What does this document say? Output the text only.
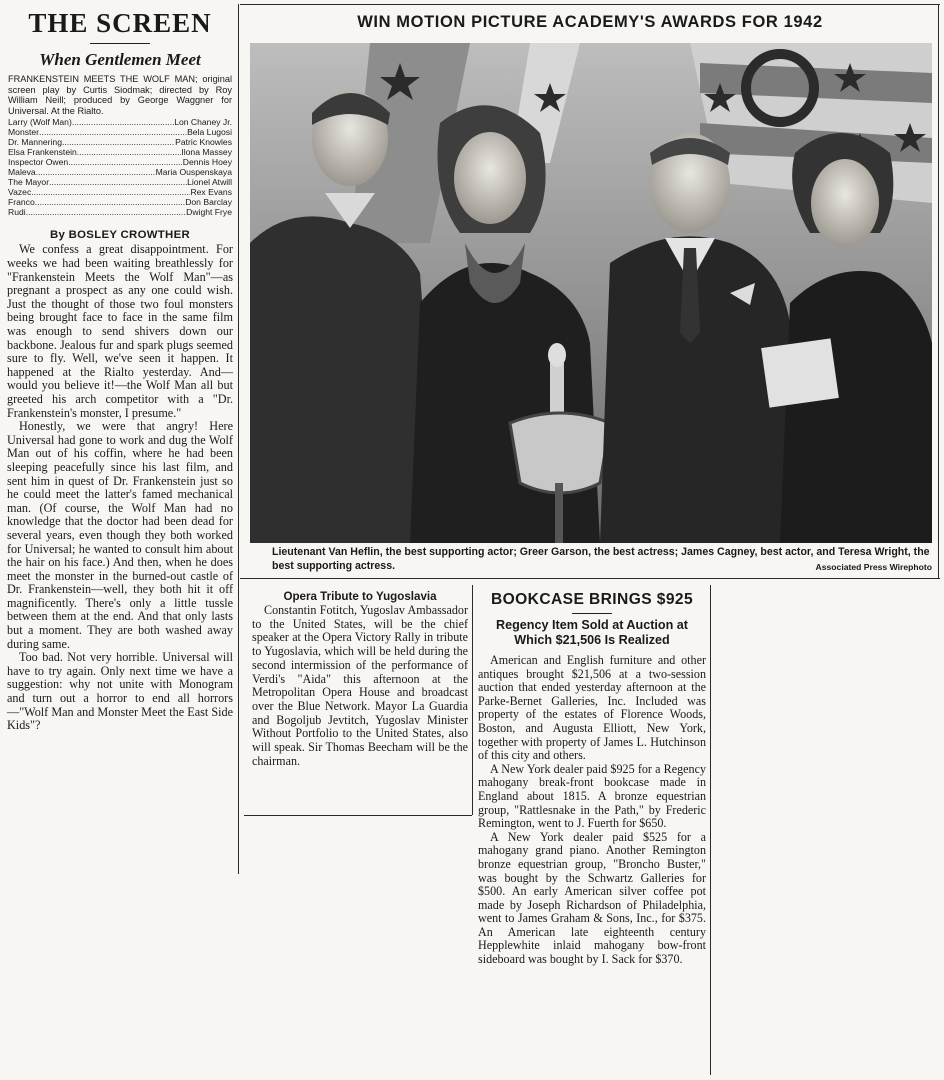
THE SCREEN
When Gentlemen Meet
FRANKENSTEIN MEETS THE WOLF MAN; original screen play by Curtis Siodmak; directed by Roy William Neill; produced by George Waggner for Universal. At the Rialto.
Larry (Wolf Man) .....	Lon Chaney Jr.
Monster .....	Bela Lugosi
Dr. Mannering .....	Patric Knowles
Elsa Frankenstein .....	Ilona Massey
Inspector Owen .....	Dennis Hoey
Maleva .....	Maria Ouspenskaya
The Mayor .....	Lionel Atwill
Vazec .....	Rex Evans
Franco .....	Don Barclay
Rudi .....	Dwight Frye
By BOSLEY CROWTHER

We confess a great disappointment. For weeks we had been waiting breathlessly for "Frankenstein Meets the Wolf Man"—as pregnant a prospect as any one could wish. Just the thought of those two foul monsters being brought face to face in the same film was enough to send shivers down our backbone. Jealous fur and spark plugs seemed sure to fly. Well, we've seen it happen. It happened at the Rialto yesterday. And—would you believe it!—the Wolf Man all but greeted his arch competitor with a "Dr. Frankenstein's monster, I presume."

Honestly, we were that angry! Here Universal had gone to work and dug the Wolf Man out of his coffin, where he had been sleeping peacefully since his last film, and sent him in quest of Dr. Frankenstein just so he could meet the latter's famed mechanical man. (Of course, the Wolf Man had no knowledge that the doctor had been dead for several years, even though they both worked for Universal; he wanted to consult him about the hair on his face.) And then, when he does meet the monster in the burned-out castle of Dr. Frankenstein—well, they both hit it off magnificently. There's only a little tussle between them at the end. And that only lasts but a moment. They are both washed away during same.

Too bad. Not very horrible. Universal will have to try again. Only next time we have a suggestion: why not unite with Monogram and turn out a horror to end all horrors—"Wolf Man and Monster Meet the East Side Kids"?

WIN MOTION PICTURE ACADEMY'S AWARDS FOR 1942
Lieutenant Van Heflin, the best supporting actor; Greer Garson, the best actress; James Cagney, best actor, and Teresa Wright, the best supporting actress.	Associated Press Wirephoto
Opera Tribute to Yugoslavia

Constantin Fotitch, Yugoslav Ambassador to the United States, will be the chief speaker at the Opera Victory Rally in tribute to Yugoslavia, which will be held during the second intermission of the performance of Verdi's "Aida" this afternoon at the Metropolitan Opera House and broadcast over the Blue Network. Mayor La Guardia and Bogoljub Jevtitch, Yugoslav Minister Without Portfolio to the United States, also will speak. Sir Thomas Beecham will be the chairman.

BOOKCASE BRINGS $925
Regency Item Sold at Auction at Which $21,506 Is Realized

American and English furniture and other antiques brought $21,506 at a two-session auction that ended yesterday afternoon at the Parke-Bernet Galleries, Inc. Included was property of the estates of Florence Woods, Boston, and Augusta Elliott, New York, together with property of James L. Hutchinson of this city and others.

A New York dealer paid $925 for a Regency mahogany break-front bookcase made in England about 1815. A bronze equestrian group, "Rattlesnake in the Path," by Frederic Remington, went to J. Fuerth for $650.

A New York dealer paid $525 for a mahogany grand piano. Another Remington bronze equestrian group, "Broncho Buster," was bought by the Schwartz Galleries for $500. An early American silver coffee pot made by Joseph Richardson of Philadelphia, went to James Graham & Sons, Inc., for $375. An American late eighteenth century Hepplewhite inlaid mahogany bow-front sideboard was bought by I. Sack for $370.
